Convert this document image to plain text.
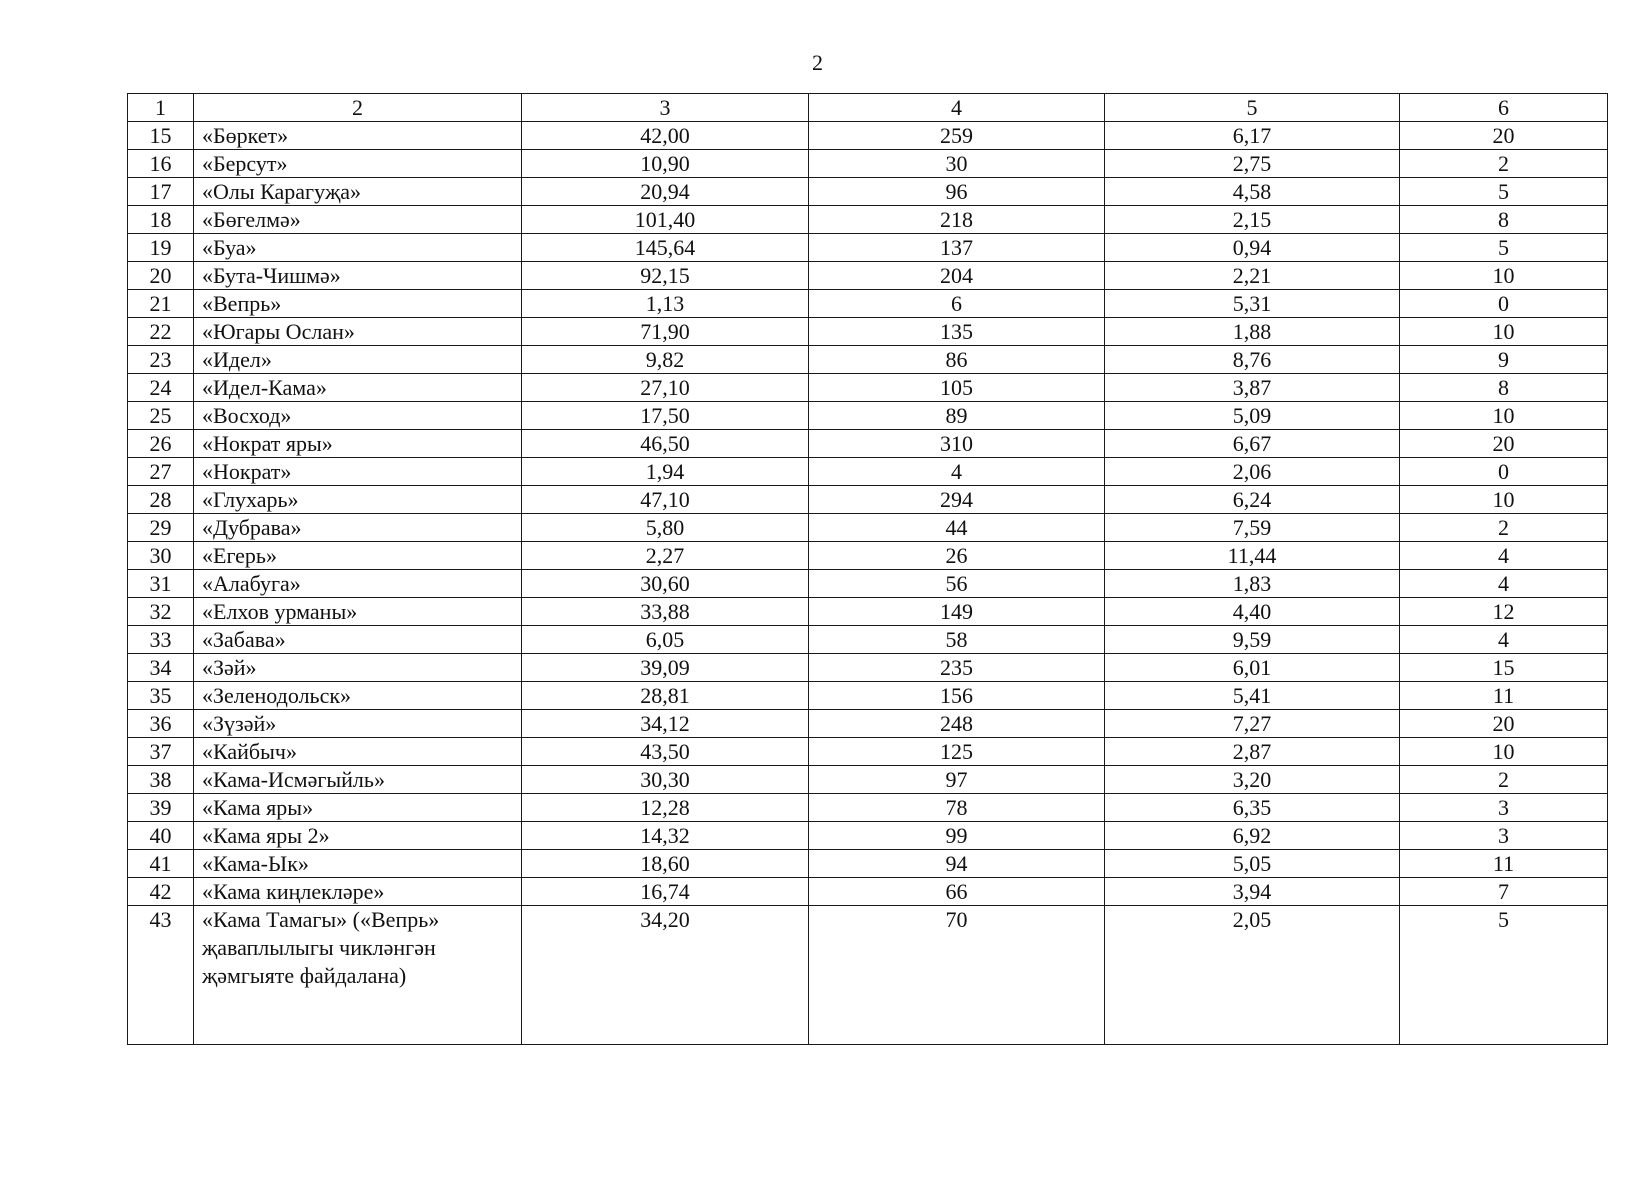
2
1	2	3	4	5	6
15	«Бөркет»	42,00	259	6,17	20
16	«Берсут»	10,90	30	2,75	2
17	«Олы Карагуҗа»	20,94	96	4,58	5
18	«Бөгелмә»	101,40	218	2,15	8
19	«Буа»	145,64	137	0,94	5
20	«Бута-Чишмә»	92,15	204	2,21	10
21	«Вепрь»	1,13	6	5,31	0
22	«Югары Ослан»	71,90	135	1,88	10
23	«Идел»	9,82	86	8,76	9
24	«Идел-Кама»	27,10	105	3,87	8
25	«Восход»	17,50	89	5,09	10
26	«Нократ яры»	46,50	310	6,67	20
27	«Нократ»	1,94	4	2,06	0
28	«Глухарь»	47,10	294	6,24	10
29	«Дубрава»	5,80	44	7,59	2
30	«Егерь»	2,27	26	11,44	4
31	«Алабуга»	30,60	56	1,83	4
32	«Елхов урманы»	33,88	149	4,40	12
33	«Забава»	6,05	58	9,59	4
34	«Зәй»	39,09	235	6,01	15
35	«Зеленодольск»	28,81	156	5,41	11
36	«Зүзәй»	34,12	248	7,27	20
37	«Кайбыч»	43,50	125	2,87	10
38	«Кама-Исмәгыйль»	30,30	97	3,20	2
39	«Кама яры»	12,28	78	6,35	3
40	«Кама яры 2»	14,32	99	6,92	3
41	«Кама-Ык»	18,60	94	5,05	11
42	«Кама киңлекләре»	16,74	66	3,94	7
43	«Кама Тамагы» («Вепрь» җаваплылыгы чикләнгән җәмгыяте файдалана)	34,20	70	2,05	5
